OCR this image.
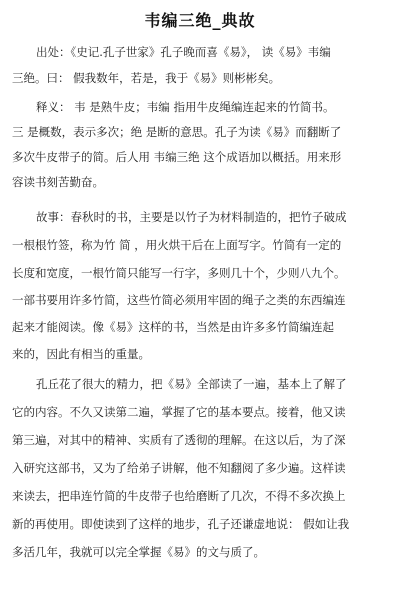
韦编三绝_典故
出处：《史记.孔子世家》孔子晚而喜《易》， 读《易》韦编
三绝。曰： 假我数年，若是，我于《易》则彬彬矣。
释义： 韦 是熟牛皮；韦编 指用牛皮绳编连起来的竹简书。
三 是概数，表示多次；绝 是断的意思。孔子为读《易》而翻断了
多次牛皮带子的简。后人用 韦编三绝 这个成语加以概括。用来形
容读书刻苦勤奋。
故事：春秋时的书，主要是以竹子为材料制造的，把竹子破成
一根根竹签，称为竹 简 ，用火烘干后在上面写字。竹简有一定的
长度和宽度，一根竹简只能写一行字，多则几十个，少则八九个。
一部书要用许多竹简，这些竹简必须用牢固的绳子之类的东西编连
起来才能阅读。像《易》这样的书，当然是由许多多竹简编连起
来的，因此有相当的重量。
孔丘花了很大的精力，把《易》全部读了一遍，基本上了解了
它的内容。不久又读第二遍，掌握了它的基本要点。接着，他又读
第三遍，对其中的精神、实质有了透彻的理解。在这以后，为了深
入研究这部书，又为了给弟子讲解，他不知翻阅了多少遍。这样读
来读去，把串连竹简的牛皮带子也给磨断了几次，不得不多次换上
新的再使用。即使读到了这样的地步，孔子还谦虚地说： 假如让我
多活几年，我就可以完全掌握《易》的文与质了。
